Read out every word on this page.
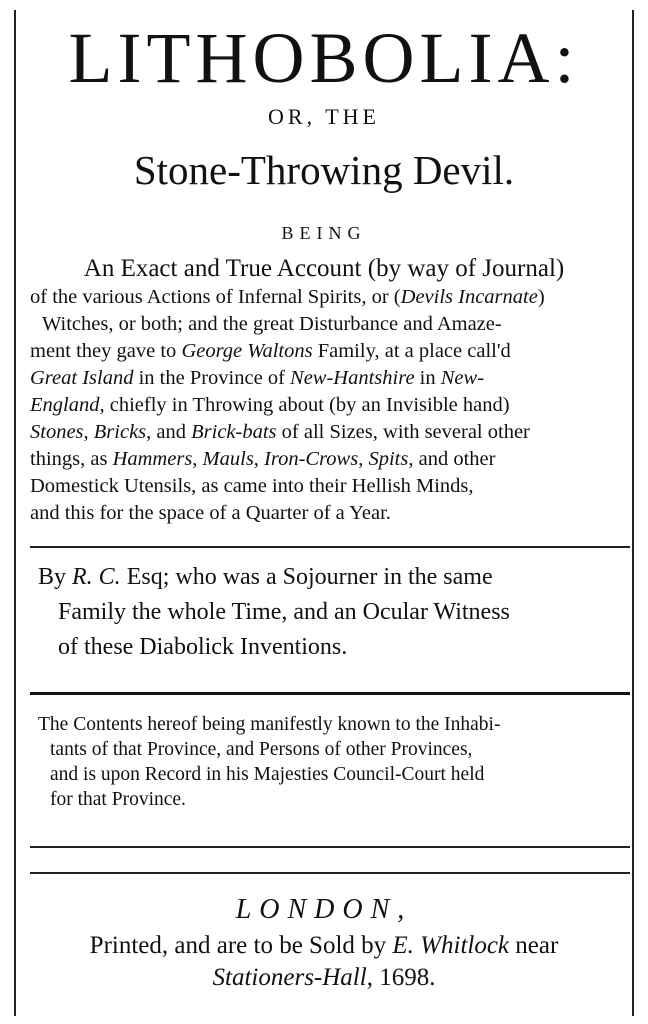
LITHOBOLIA:
OR, THE
Stone-Throwing Devil.
BEING
An Exact and True Account (by way of Journal)
of the various Actions of Infernal Spirits, or (Devils Incarnate)
Witches, or both; and the great Disturbance and Amaze-
ment they gave to George Waltons Family, at a place call'd
Great Island in the Province of New-Hantshire in New-
England, chiefly in Throwing about (by an Invisible hand)
Stones, Bricks, and Brick-bats of all Sizes, with several other
things, as Hammers, Mauls, Iron-Crows, Spits, and other
Domestick Utensils, as came into their Hellish Minds,
and this for the space of a Quarter of a Year.
By R. C. Esq; who was a Sojourner in the same
Family the whole Time, and an Ocular Witness
of these Diabolick Inventions.
The Contents hereof being manifestly known to the Inhabi-
tants of that Province, and Persons of other Provinces,
and is upon Record in his Majesties Council-Court held
for that Province.
LONDON,
Printed, and are to be Sold by E. Whitlock near
Stationers-Hall, 1698.
